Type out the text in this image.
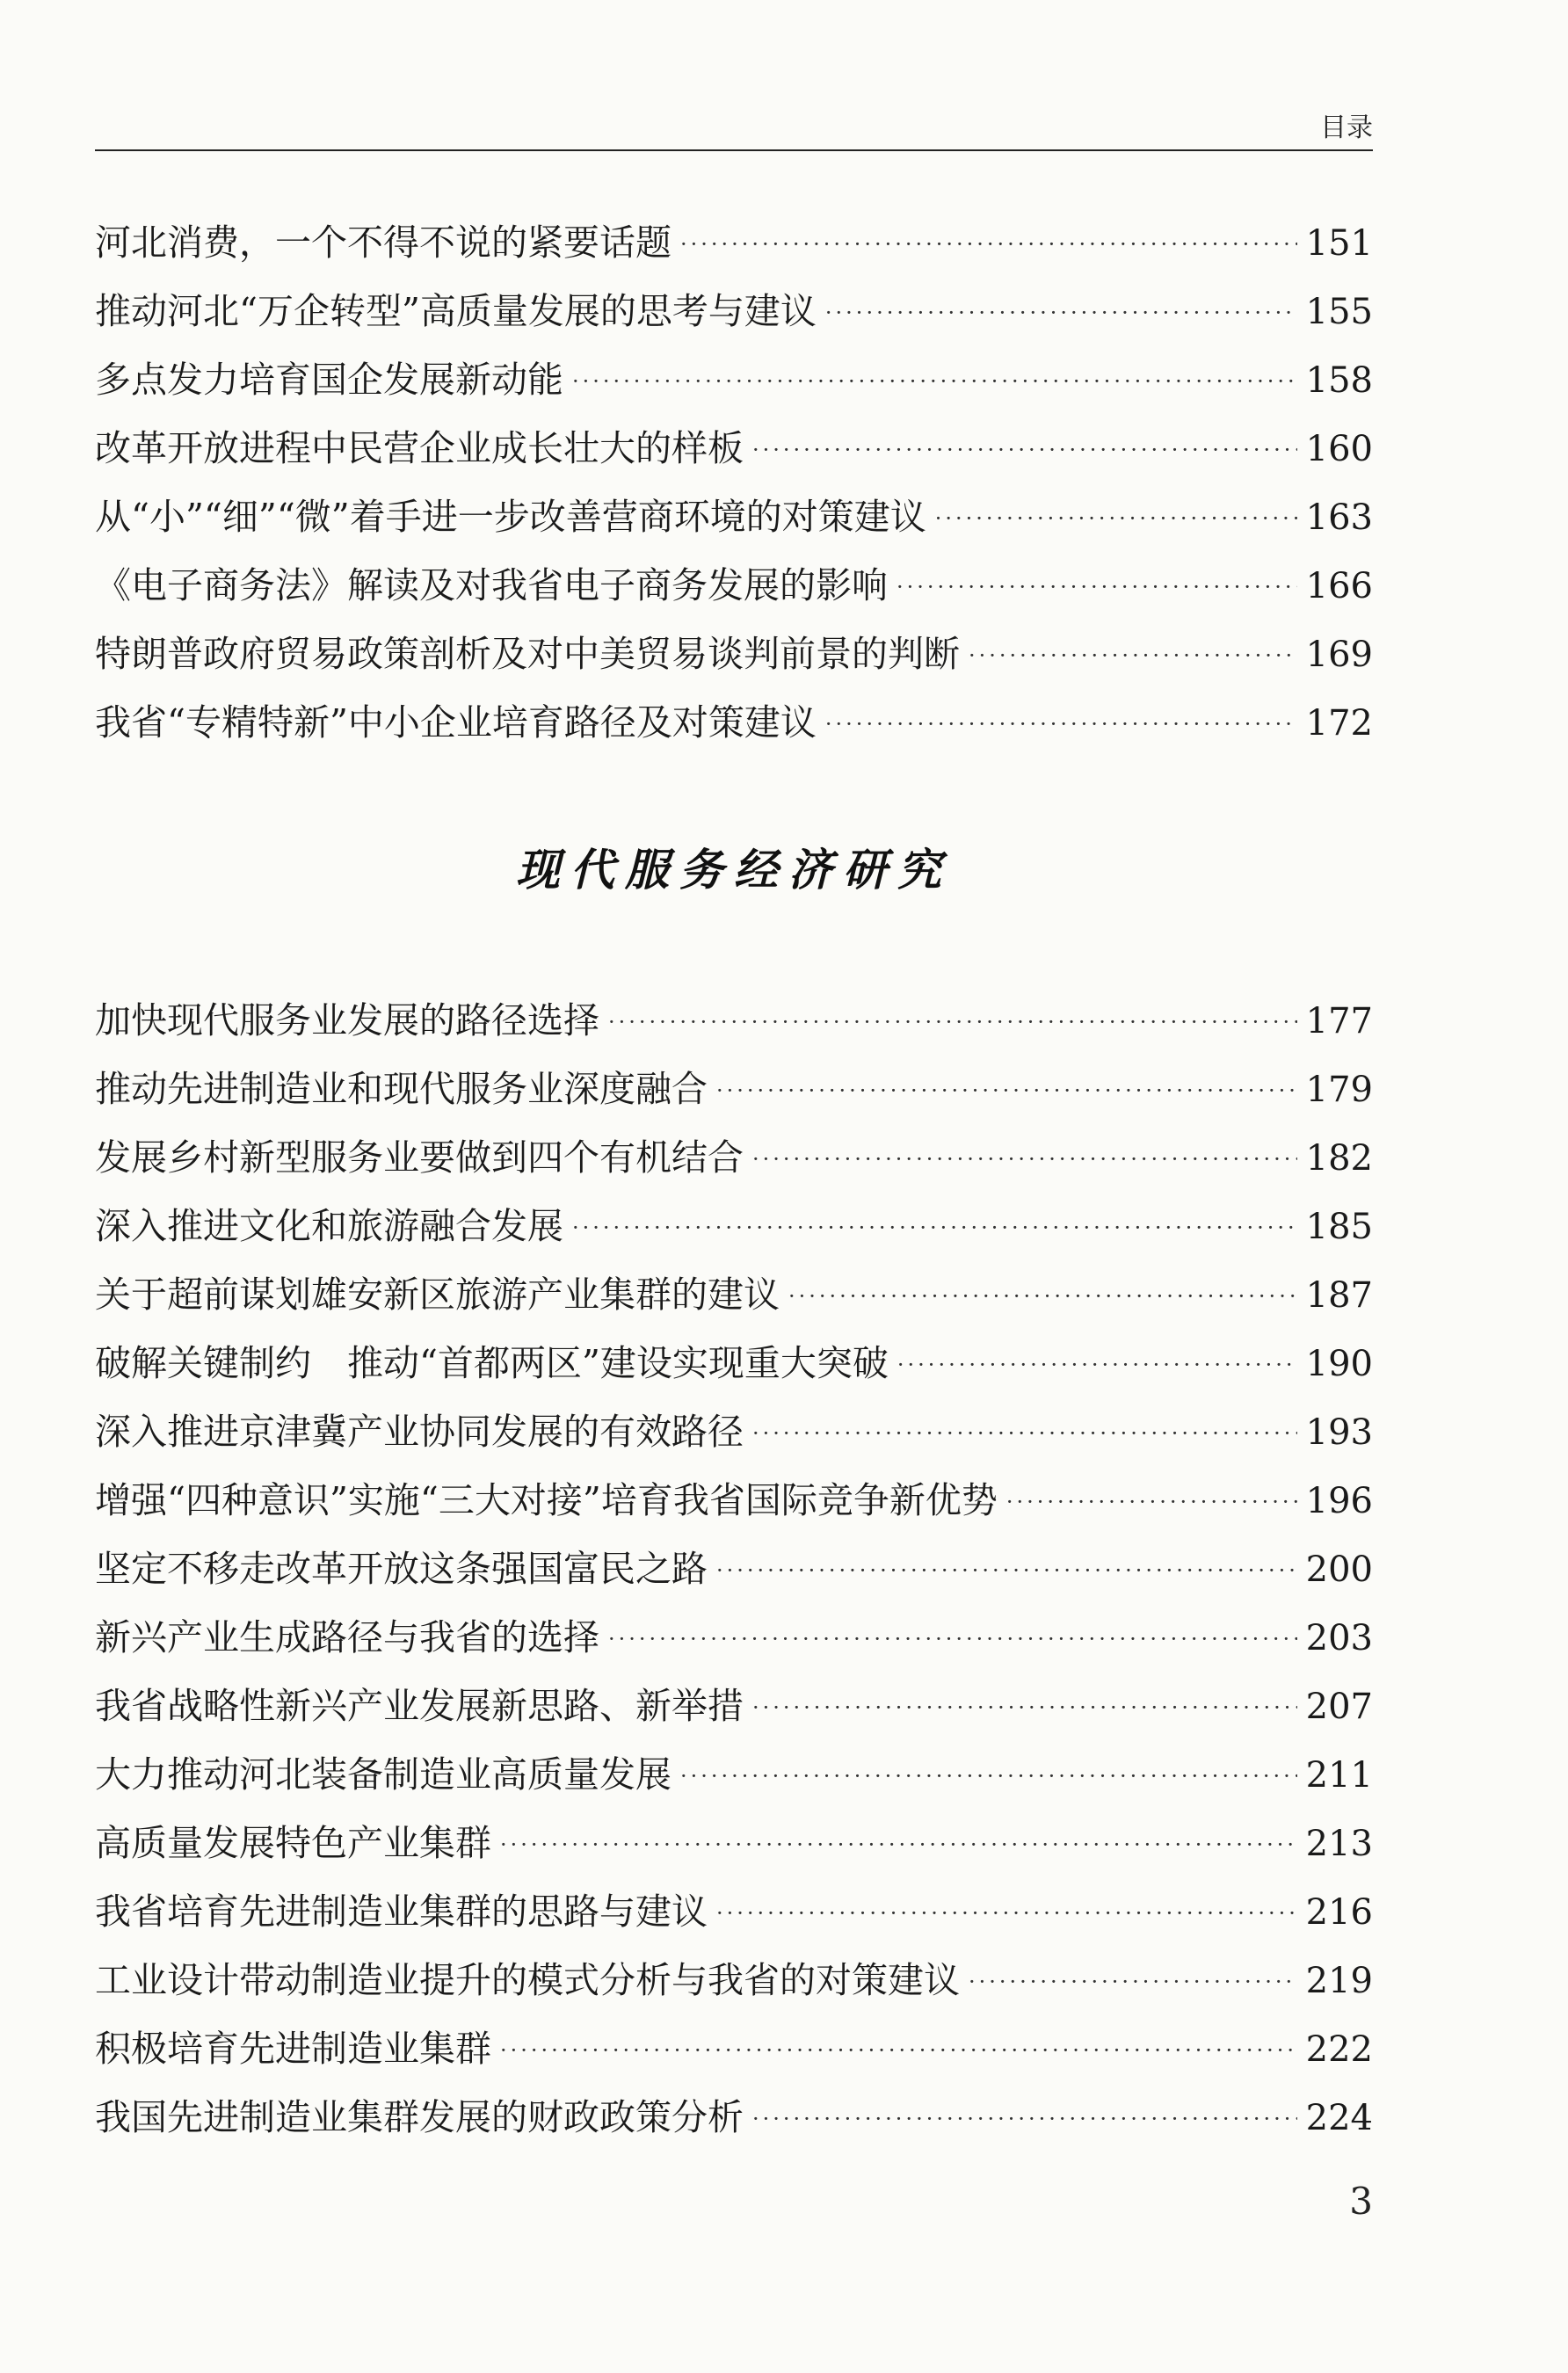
目录
河北消费，一个不得不说的紧要话题 ·····	151
推动河北“万企转型”高质量发展的思考与建议 ·····	155
多点发力培育国企发展新动能 ·····	158
改革开放进程中民营企业成长壮大的样板 ·····	160
从“小”“细”“微”着手进一步改善营商环境的对策建议 ·····	163
《电子商务法》解读及对我省电子商务发展的影响 ·····	166
特朗普政府贸易政策剖析及对中美贸易谈判前景的判断 ·····	169
我省“专精特新”中小企业培育路径及对策建议 ·····	172
现代服务经济研究
加快现代服务业发展的路径选择 ·····	177
推动先进制造业和现代服务业深度融合 ·····	179
发展乡村新型服务业要做到四个有机结合 ·····	182
深入推进文化和旅游融合发展 ·····	185
关于超前谋划雄安新区旅游产业集群的建议 ·····	187
破解关键制约　推动“首都两区”建设实现重大突破 ·····	190
深入推进京津冀产业协同发展的有效路径 ·····	193
增强“四种意识”实施“三大对接”培育我省国际竞争新优势 ·····	196
坚定不移走改革开放这条强国富民之路 ·····	200
新兴产业生成路径与我省的选择 ·····	203
我省战略性新兴产业发展新思路、新举措 ·····	207
大力推动河北装备制造业高质量发展 ·····	211
高质量发展特色产业集群 ·····	213
我省培育先进制造业集群的思路与建议 ·····	216
工业设计带动制造业提升的模式分析与我省的对策建议 ·····	219
积极培育先进制造业集群 ·····	222
我国先进制造业集群发展的财政政策分析 ·····	224
3
